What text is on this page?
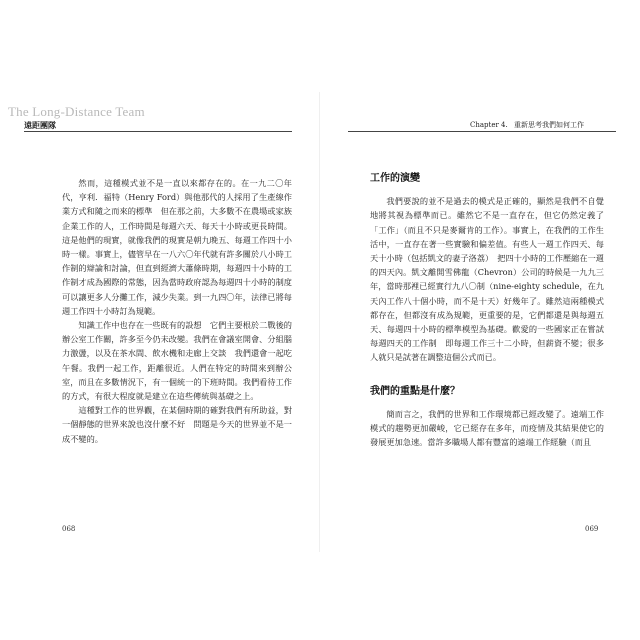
The Long-Distance Team
遠距團隊

然而，這種模式並不是一直以來都存在的。在一九二〇年代，亨利．福特（Henry Ford）與他那代的人採用了生產線作業方式和隨之而來的標準　但在那之前，大多數不在農場或家族企業工作的人，工作時間是每週六天、每天十小時或更長時間。這是他們的現實，就像我們的現實是朝九晚五、每週工作四十小時一樣。事實上，儘管早在一八六〇年代就有許多關於八小時工作制的辯論和討論，但直到經濟大蕭條時期，每週四十小時的工作制才成為國際的常態，因為當時政府認為每週四十小時的制度可以讓更多人分攤工作，減少失業。到一九四〇年，法律已將每週工作四十小時訂為規範。

知識工作中也存在一些既有的設想　它們主要根於二戰後的辦公室工作關，許多至今仍未改變。我們在會議室開會、分組腦力激盪，以及在茶水間、飲水機和走廊上交談　我們還會一起吃午餐。我們一起工作，距離很近。人們在特定的時間來到辦公室，而且在多數情況下，有一個統一的下班時間。我們看待工作的方式，有很大程度就是建立在這些傳統與基礎之上。

這種對工作的世界觀，在某個時期的確對我們有所助益，對一個靜態的世界來說也沒什麼不好　問題是今天的世界並不是一成不變的。

068
Chapter 4. 重新思考我們如何工作
工作的演變

我們要說的並不是過去的模式是正確的，顯然是我們不自覺地將其視為標準而已。雖然它不是一直存在，但它仍然定義了「工作」（而且不只是麥爾肯的工作）。事實上，在我們的工作生活中，一直存在著一些實驗和偏差值。有些人一週工作四天、每天十小時（包括凱文的妻子洛荔）　把四十小時的工作壓縮在一週的四天內。凱文離開雪佛龍（Chevron）公司的時候是一九九三年，當時那裡已經實行九八〇制（nine-eighty schedule，在九天內工作八十個小時，而不是十天）好幾年了。雖然這兩種模式都存在，但都沒有成為規範，更重要的是，它們都還是與每週五天、每週四十小時的標準模型為基礎。歡愛的一些國家正在嘗試每週四天的工作制　即每週工作三十二小時，但薪資不變；很多人就只是試著在調整這個公式而已。

我們的重點是什麼？

簡而言之，我們的世界和工作環境都已經改變了。遠端工作模式的趨勢更加嚴峻，它已經存在多年，而疫情及其結果使它的發展更加急速。當許多職場人都有豐富的遠端工作經驗（而且

069
